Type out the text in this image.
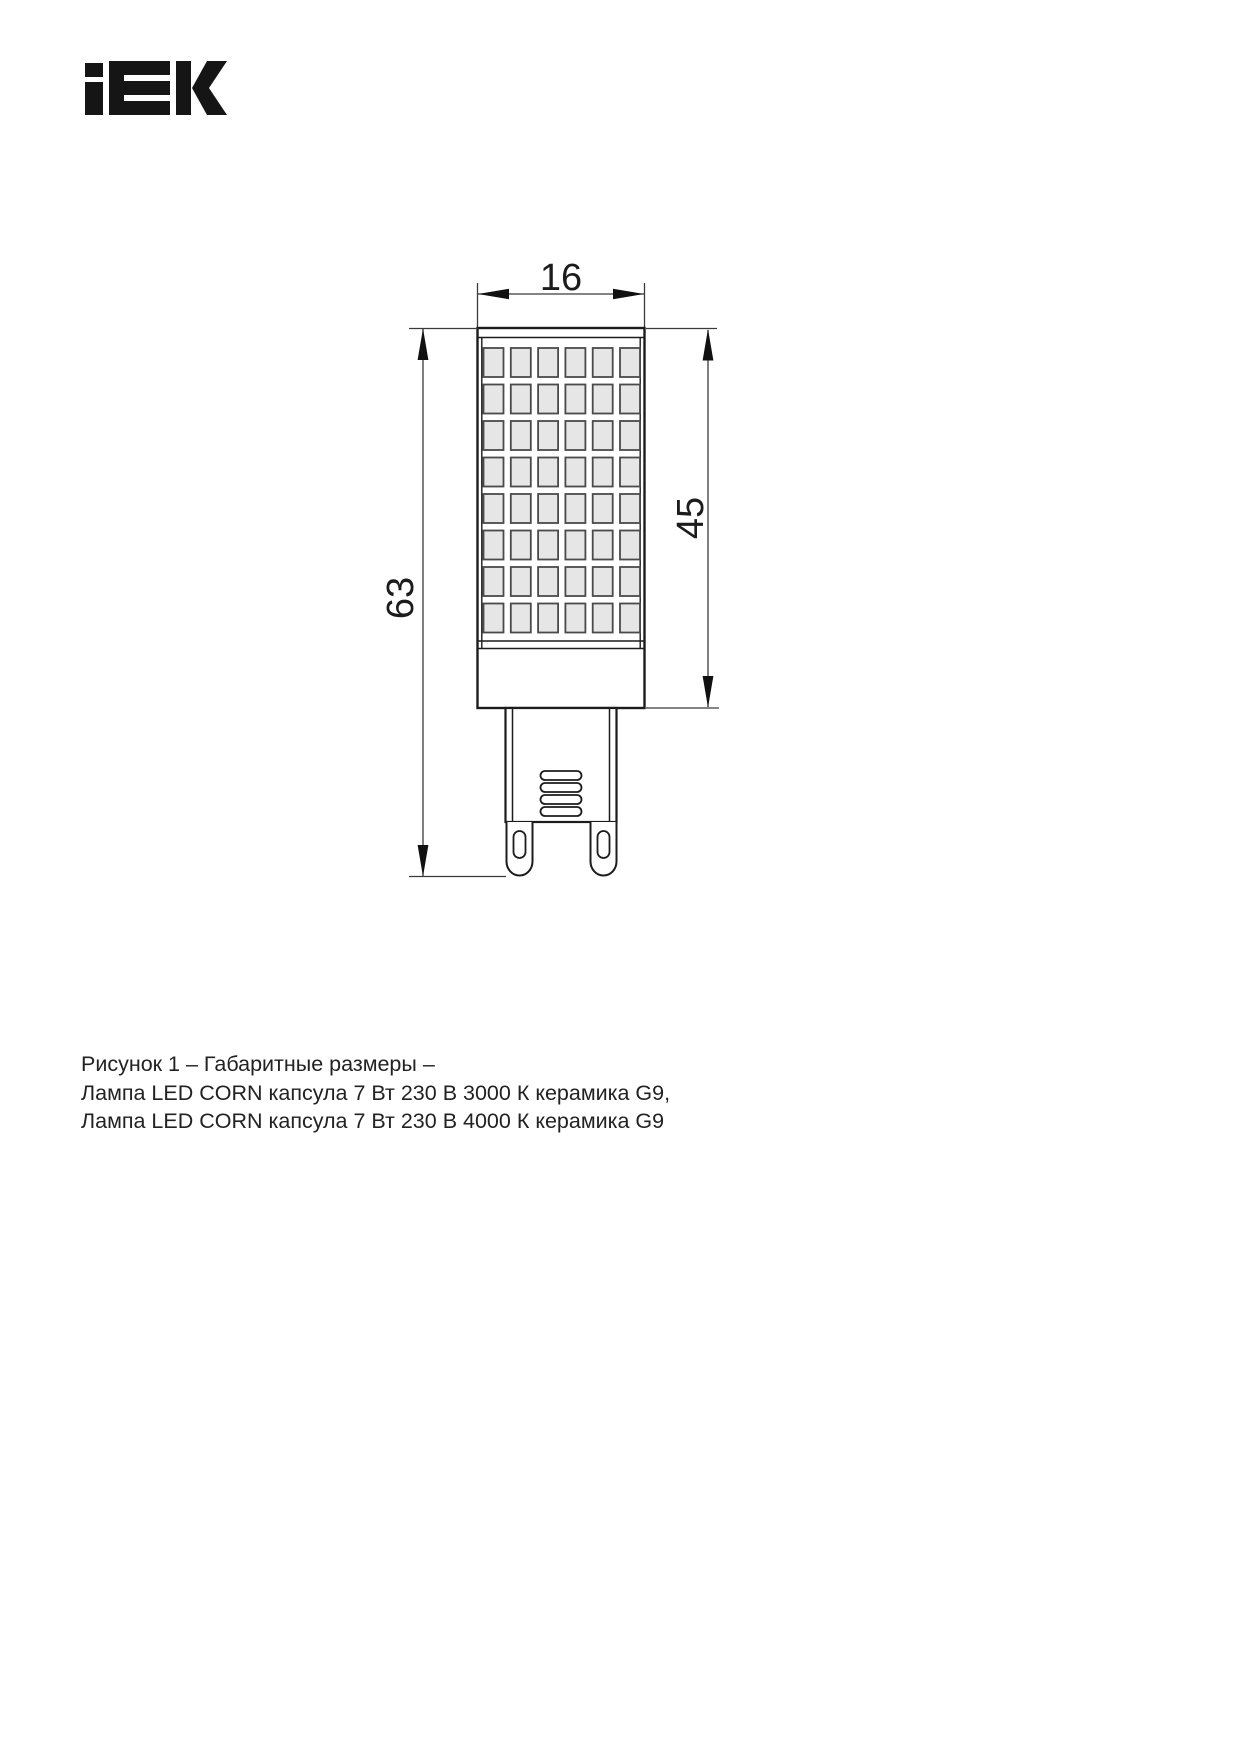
16
63
45
Рисунок 1 – Габаритные размеры –
Лампа LED CORN капсула 7 Вт 230 В 3000 К керамика G9,
Лампа LED CORN капсула 7 Вт 230 В 4000 К керамика G9
